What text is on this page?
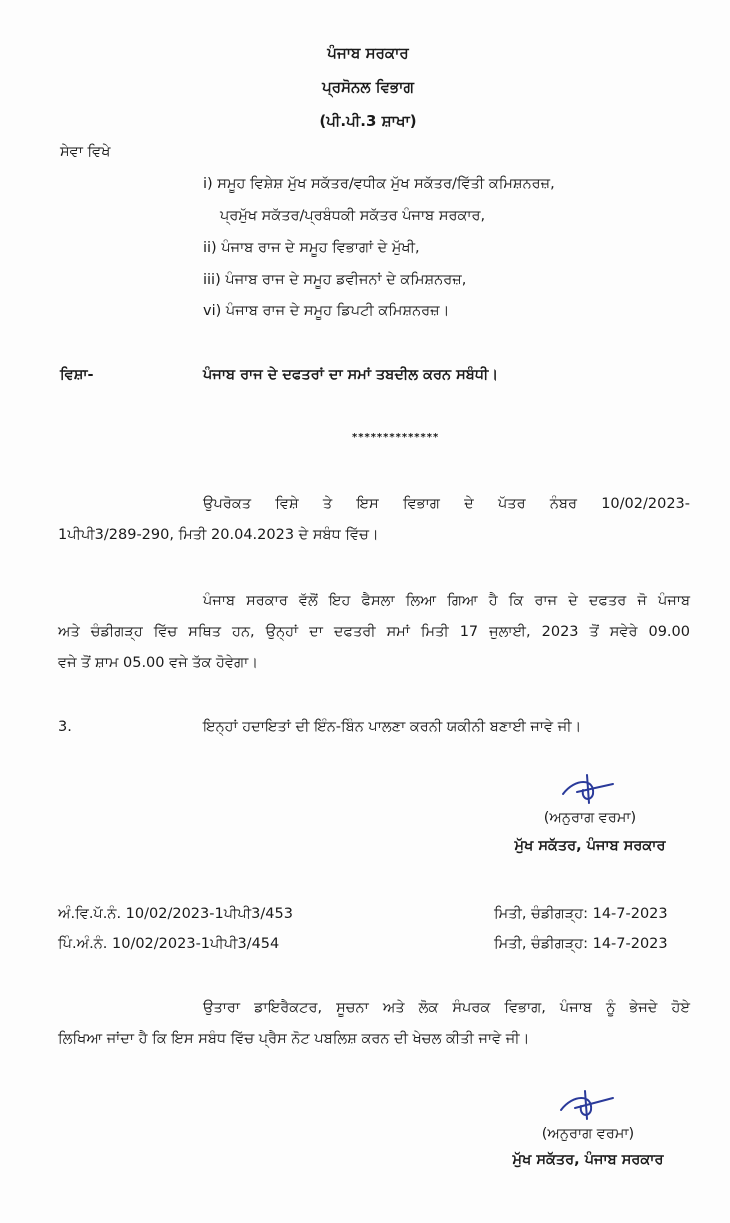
ਪੰਜਾਬ ਸਰਕਾਰ
ਪ੍ਰਸੋਨਲ ਵਿਭਾਗ
(ਪੀ.ਪੀ.3 ਸ਼ਾਖਾ)
ਸੇਵਾ ਵਿਖੇ
i) ਸਮੂਹ ਵਿਸ਼ੇਸ਼ ਮੁੱਖ ਸਕੱਤਰ/ਵਧੀਕ ਮੁੱਖ ਸਕੱਤਰ/ਵਿੱਤੀ ਕਮਿਸ਼ਨਰਜ਼,
ਪ੍ਰਮੁੱਖ ਸਕੱਤਰ/ਪ੍ਰਬੰਧਕੀ ਸਕੱਤਰ ਪੰਜਾਬ ਸਰਕਾਰ,
ii) ਪੰਜਾਬ ਰਾਜ ਦੇ ਸਮੂਹ ਵਿਭਾਗਾਂ ਦੇ ਮੁੱਖੀ,
iii) ਪੰਜਾਬ ਰਾਜ ਦੇ ਸਮੂਹ ਡਵੀਜਨਾਂ ਦੇ ਕਮਿਸ਼ਨਰਜ਼,
vi) ਪੰਜਾਬ ਰਾਜ ਦੇ ਸਮੂਹ ਡਿਪਟੀ ਕਮਿਸ਼ਨਰਜ਼।
ਵਿਸ਼ਾ-	ਪੰਜਾਬ ਰਾਜ ਦੇ ਦਫਤਰਾਂ ਦਾ ਸਮਾਂ ਤਬਦੀਲ ਕਰਨ ਸਬੰਧੀ।
**************
ਉਪਰੋਕਤ ਵਿਸ਼ੇ ਤੇ ਇਸ ਵਿਭਾਗ ਦੇ ਪੱਤਰ ਨੰਬਰ 10/02/2023-
1ਪੀਪੀ3/289-290, ਮਿਤੀ 20.04.2023 ਦੇ ਸਬੰਧ ਵਿੱਚ।
ਪੰਜਾਬ ਸਰਕਾਰ ਵੱਲੋਂ ਇਹ ਫੈਸਲਾ ਲਿਆ ਗਿਆ ਹੈ ਕਿ ਰਾਜ ਦੇ ਦਫਤਰ ਜੋ ਪੰਜਾਬ
ਅਤੇ ਚੰਡੀਗੜ੍ਹ ਵਿੱਚ ਸਥਿਤ ਹਨ, ਉਨ੍ਹਾਂ ਦਾ ਦਫਤਰੀ ਸਮਾਂ ਮਿਤੀ 17 ਜੁਲਾਈ, 2023 ਤੋਂ ਸਵੇਰੇ 09.00
ਵਜੇ ਤੋਂ ਸ਼ਾਮ 05.00 ਵਜੇ ਤੱਕ ਹੋਵੇਗਾ।
3.	ਇਨ੍ਹਾਂ ਹਦਾਇਤਾਂ ਦੀ ਇੰਨ-ਬਿੰਨ ਪਾਲਣਾ ਕਰਨੀ ਯਕੀਨੀ ਬਣਾਈ ਜਾਵੇ ਜੀ।
(ਅਨੁਰਾਗ ਵਰਮਾ)
ਮੁੱਖ ਸਕੱਤਰ, ਪੰਜਾਬ ਸਰਕਾਰ
ਅੰ.ਵਿ.ਪੱ.ਨੰ. 10/02/2023-1ਪੀਪੀ3/453	ਮਿਤੀ, ਚੰਡੀਗੜ੍ਹ: 14-7-2023
ਪਿੰ.ਅੰ.ਨੰ. 10/02/2023-1ਪੀਪੀ3/454	ਮਿਤੀ, ਚੰਡੀਗੜ੍ਹ: 14-7-2023
ਉਤਾਰਾ ਡਾਇਰੈਕਟਰ, ਸੂਚਨਾ ਅਤੇ ਲੋਕ ਸੰਪਰਕ ਵਿਭਾਗ, ਪੰਜਾਬ ਨੂੰ ਭੇਜਦੇ ਹੋਏ
ਲਿਖਿਆ ਜਾਂਦਾ ਹੈ ਕਿ ਇਸ ਸਬੰਧ ਵਿੱਚ ਪ੍ਰੈਸ ਨੋਟ ਪਬਲਿਸ਼ ਕਰਨ ਦੀ ਖੇਚਲ ਕੀਤੀ ਜਾਵੇ ਜੀ।
(ਅਨੁਰਾਗ ਵਰਮਾ)
ਮੁੱਖ ਸਕੱਤਰ, ਪੰਜਾਬ ਸਰਕਾਰ
